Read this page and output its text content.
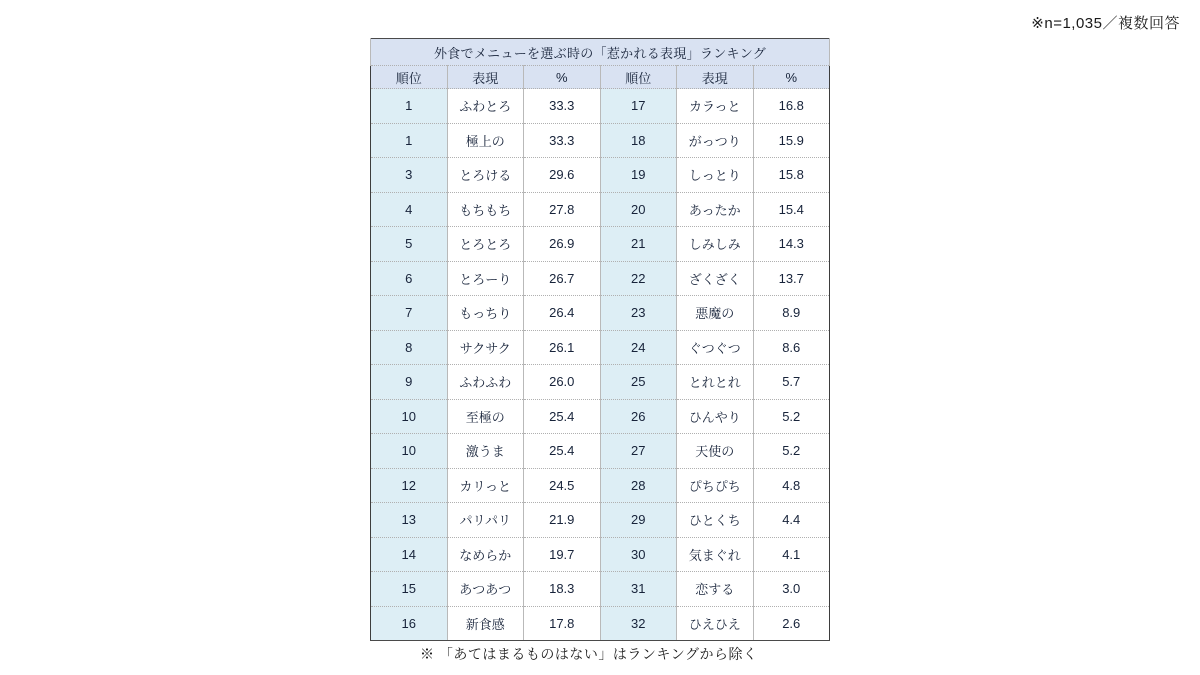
※n=1,035／複数回答
外食でメニューを選ぶ時の「惹かれる表現」ランキング					
順位	表現	%	順位	表現	%
1	ふわとろ	33.3	17	カラっと	16.8
1	極上の	33.3	18	がっつり	15.9
3	とろける	29.6	19	しっとり	15.8
4	もちもち	27.8	20	あったか	15.4
5	とろとろ	26.9	21	しみしみ	14.3
6	とろーり	26.7	22	ざくざく	13.7
7	もっちり	26.4	23	悪魔の	8.9
8	サクサク	26.1	24	ぐつぐつ	8.6
9	ふわふわ	26.0	25	とれとれ	5.7
10	至極の	25.4	26	ひんやり	5.2
10	激うま	25.4	27	天使の	5.2
12	カリっと	24.5	28	ぴちぴち	4.8
13	パリパリ	21.9	29	ひとくち	4.4
14	なめらか	19.7	30	気まぐれ	4.1
15	あつあつ	18.3	31	恋する	3.0
16	新食感	17.8	32	ひえひえ	2.6
※ 「あてはまるものはない」はランキングから除く
